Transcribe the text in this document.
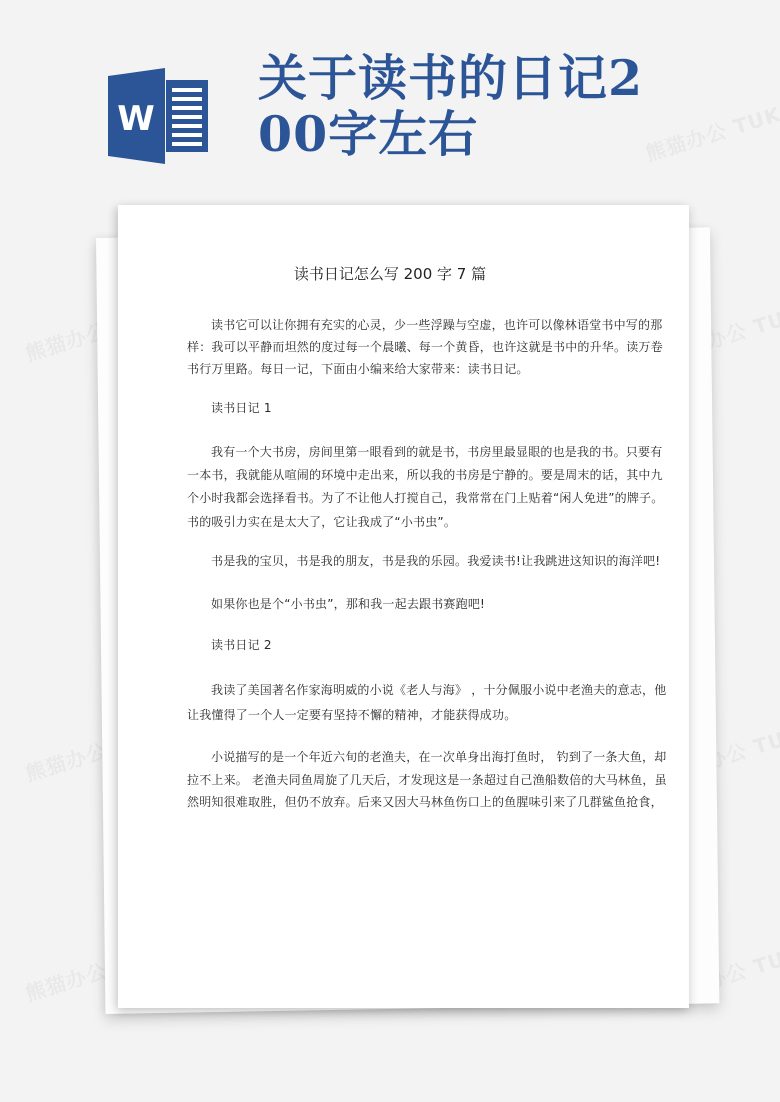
W
关于读书的日记2
00字左右
读书日记怎么写 200 字 7 篇
读书它可以让你拥有充实的心灵，少一些浮躁与空虚，也许可以像林语堂书中写的那
样：我可以平静而坦然的度过每一个晨曦、每一个黄昏，也许这就是书中的升华。读万卷
书行万里路。每日一记，下面由小编来给大家带来：读书日记。
读书日记 1
我有一个大书房，房间里第一眼看到的就是书，书房里最显眼的也是我的书。只要有
一本书，我就能从喧闹的环境中走出来，所以我的书房是宁静的。要是周末的话，其中九
个小时我都会选择看书。为了不让他人打搅自己，我常常在门上贴着“闲人免进”的牌子。
书的吸引力实在是太大了，它让我成了“小书虫”。
书是我的宝贝，书是我的朋友，书是我的乐园。我爱读书!让我跳进这知识的海洋吧!
如果你也是个“小书虫”，那和我一起去跟书赛跑吧!
读书日记 2
我读了美国著名作家海明威的小说《老人与海》 ，十分佩服小说中老渔夫的意志，他
让我懂得了一个人一定要有坚持不懈的精神，才能获得成功。
小说描写的是一个年近六旬的老渔夫，在一次单身出海打鱼时， 钓到了一条大鱼，却
拉不上来。 老渔夫同鱼周旋了几天后，才发现这是一条超过自己渔船数倍的大马林鱼，虽
然明知很难取胜，但仍不放弃。后来又因大马林鱼伤口上的鱼腥味引来了几群鲨鱼抢食，
